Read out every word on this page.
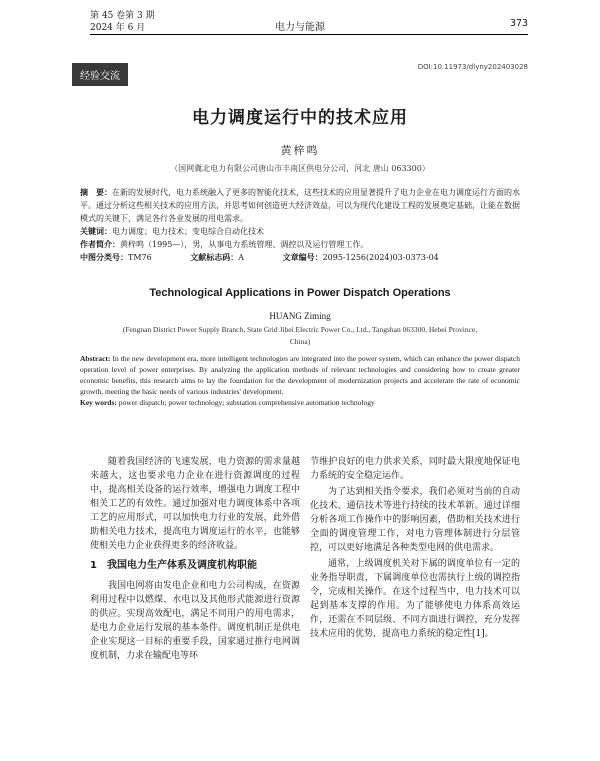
第 45 卷第 3 期
2024 年 6 月	电力与能源	373
经验交流
DOI:10.11973/dlyny202403028
电力调度运行中的技术应用
黄梓鸣
（国网冀北电力有限公司唐山市丰南区供电分公司，河北 唐山 063300）
摘　要：在新的发展时代，电力系统融入了更多的智能化技术，这些技术的应用显著提升了电力企业在电力调度运行方面的水平。通过分析这些相关技术的应用方法，并思考如何创造更大经济效益，可以为现代化建设工程的发展奠定基础，让能在数据模式的关键下，满足各行各业发展的用电需求。
关键词：电力调度；电力技术；变电综合自动化技术
作者简介：黄梓鸣（1995—），男，从事电力系统管理、调控以及运行管理工作。
中图分类号：TM76	文献标志码：A	文章编号：2095-1256(2024)03-0373-04
Technological Applications in Power Dispatch Operations
HUANG Ziming
(Fengnan District Power Supply Branch, State Grid Jibei Electric Power Co., Ltd., Tangshan 063300, Hebei Province, China)
Abstract: In the new development era, more intelligent technologies are integrated into the power system, which can enhance the power dispatch operation level of power enterprises. By analyzing the application methods of relevant technologies and considering how to create greater economic benefits, this research aims to lay the foundation for the development of modernization projects and accelerate the rate of economic growth, meeting the basic needs of various industries' development.
Key words: power dispatch; power technology; substation comprehensive automation technology

随着我国经济的飞速发展，电力资源的需求量越来越大，这也要求电力企业在进行资源调度的过程中，提高相关设备的运行效率，增强电力调度工程中相关工艺的有效性。通过加强对电力调度体系中各项工艺的应用形式，可以加快电力行业的发展，此外借助相关电力技术，提高电力调度运行的水平，也能够使相关电力企业获得更多的经济收益。

1　我国电力生产体系及调度机构职能

我国电网将由发电企业和电力公司构成，在资源利用过程中以燃煤、水电以及其他形式能源进行资源的供应。实现高效配电，满足不同用户的用电需求，是电力企业运行发展的基本条件。调度机制正是供电企业实现这一目标的重要手段，国家通过推行电网调度机制，力求在输配电等环

节维护良好的电力供求关系，同时最大限度地保证电力系统的安全稳定运作。

为了达到相关指令要求，我们必须对当前的自动化技术、通信技术等进行持续的技术革新。通过详细分析各项工作操作中的影响因素，借助相关技术进行全面的调度管理工作，对电力管理体制进行分层管控，可以更好地满足各种类型电网的供电需求。

通常，上级调度机关对下属的调度单位有一定的业务指导职责，下属调度单位也需执行上级的调控指令，完成相关操作。在这个过程当中，电力技术可以起到基本支撑的作用。为了能够使电力体系高效运作，还需在不同层级、不同方面进行调控，充分发挥技术应用的优势，提高电力系统的稳定性[1]。
